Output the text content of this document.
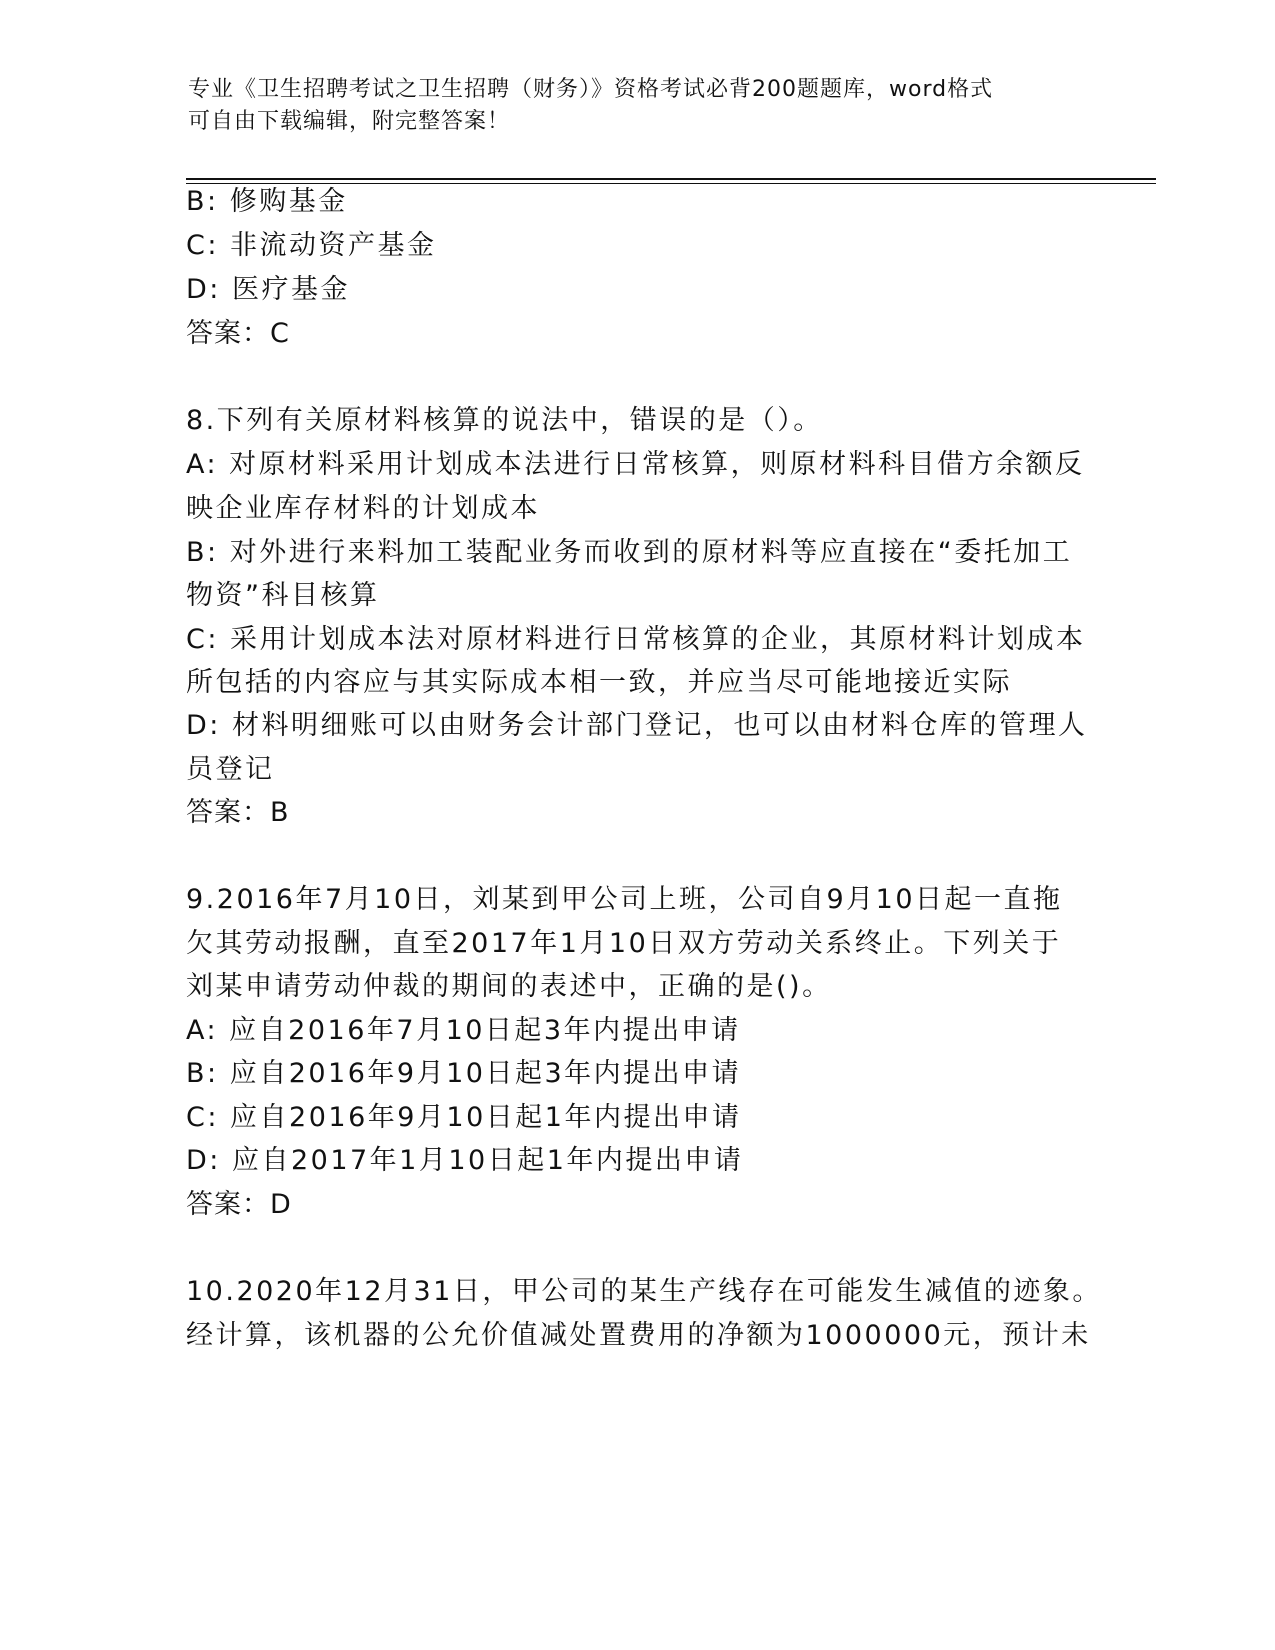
专业《卫生招聘考试之卫生招聘（财务）》资格考试必背200题题库，word格式
可自由下载编辑，附完整答案！
B: 修购基金
C: 非流动资产基金
D: 医疗基金
答案：C
8.下列有关原材料核算的说法中，错误的是（）。
A: 对原材料采用计划成本法进行日常核算，则原材料科目借方余额反
映企业库存材料的计划成本
B: 对外进行来料加工装配业务而收到的原材料等应直接在“委托加工
物资”科目核算
C: 采用计划成本法对原材料进行日常核算的企业，其原材料计划成本
所包括的内容应与其实际成本相一致，并应当尽可能地接近实际
D: 材料明细账可以由财务会计部门登记，也可以由材料仓库的管理人
员登记
答案：B
9.2016年7月10日，刘某到甲公司上班，公司自9月10日起一直拖
欠其劳动报酬，直至2017年1月10日双方劳动关系终止。下列关于
刘某申请劳动仲裁的期间的表述中，正确的是()。
A: 应自2016年7月10日起3年内提出申请
B: 应自2016年9月10日起3年内提出申请
C: 应自2016年9月10日起1年内提出申请
D: 应自2017年1月10日起1年内提出申请
答案：D
10.2020年12月31日，甲公司的某生产线存在可能发生减值的迹象。
经计算，该机器的公允价值减处置费用的净额为1000000元，预计未
